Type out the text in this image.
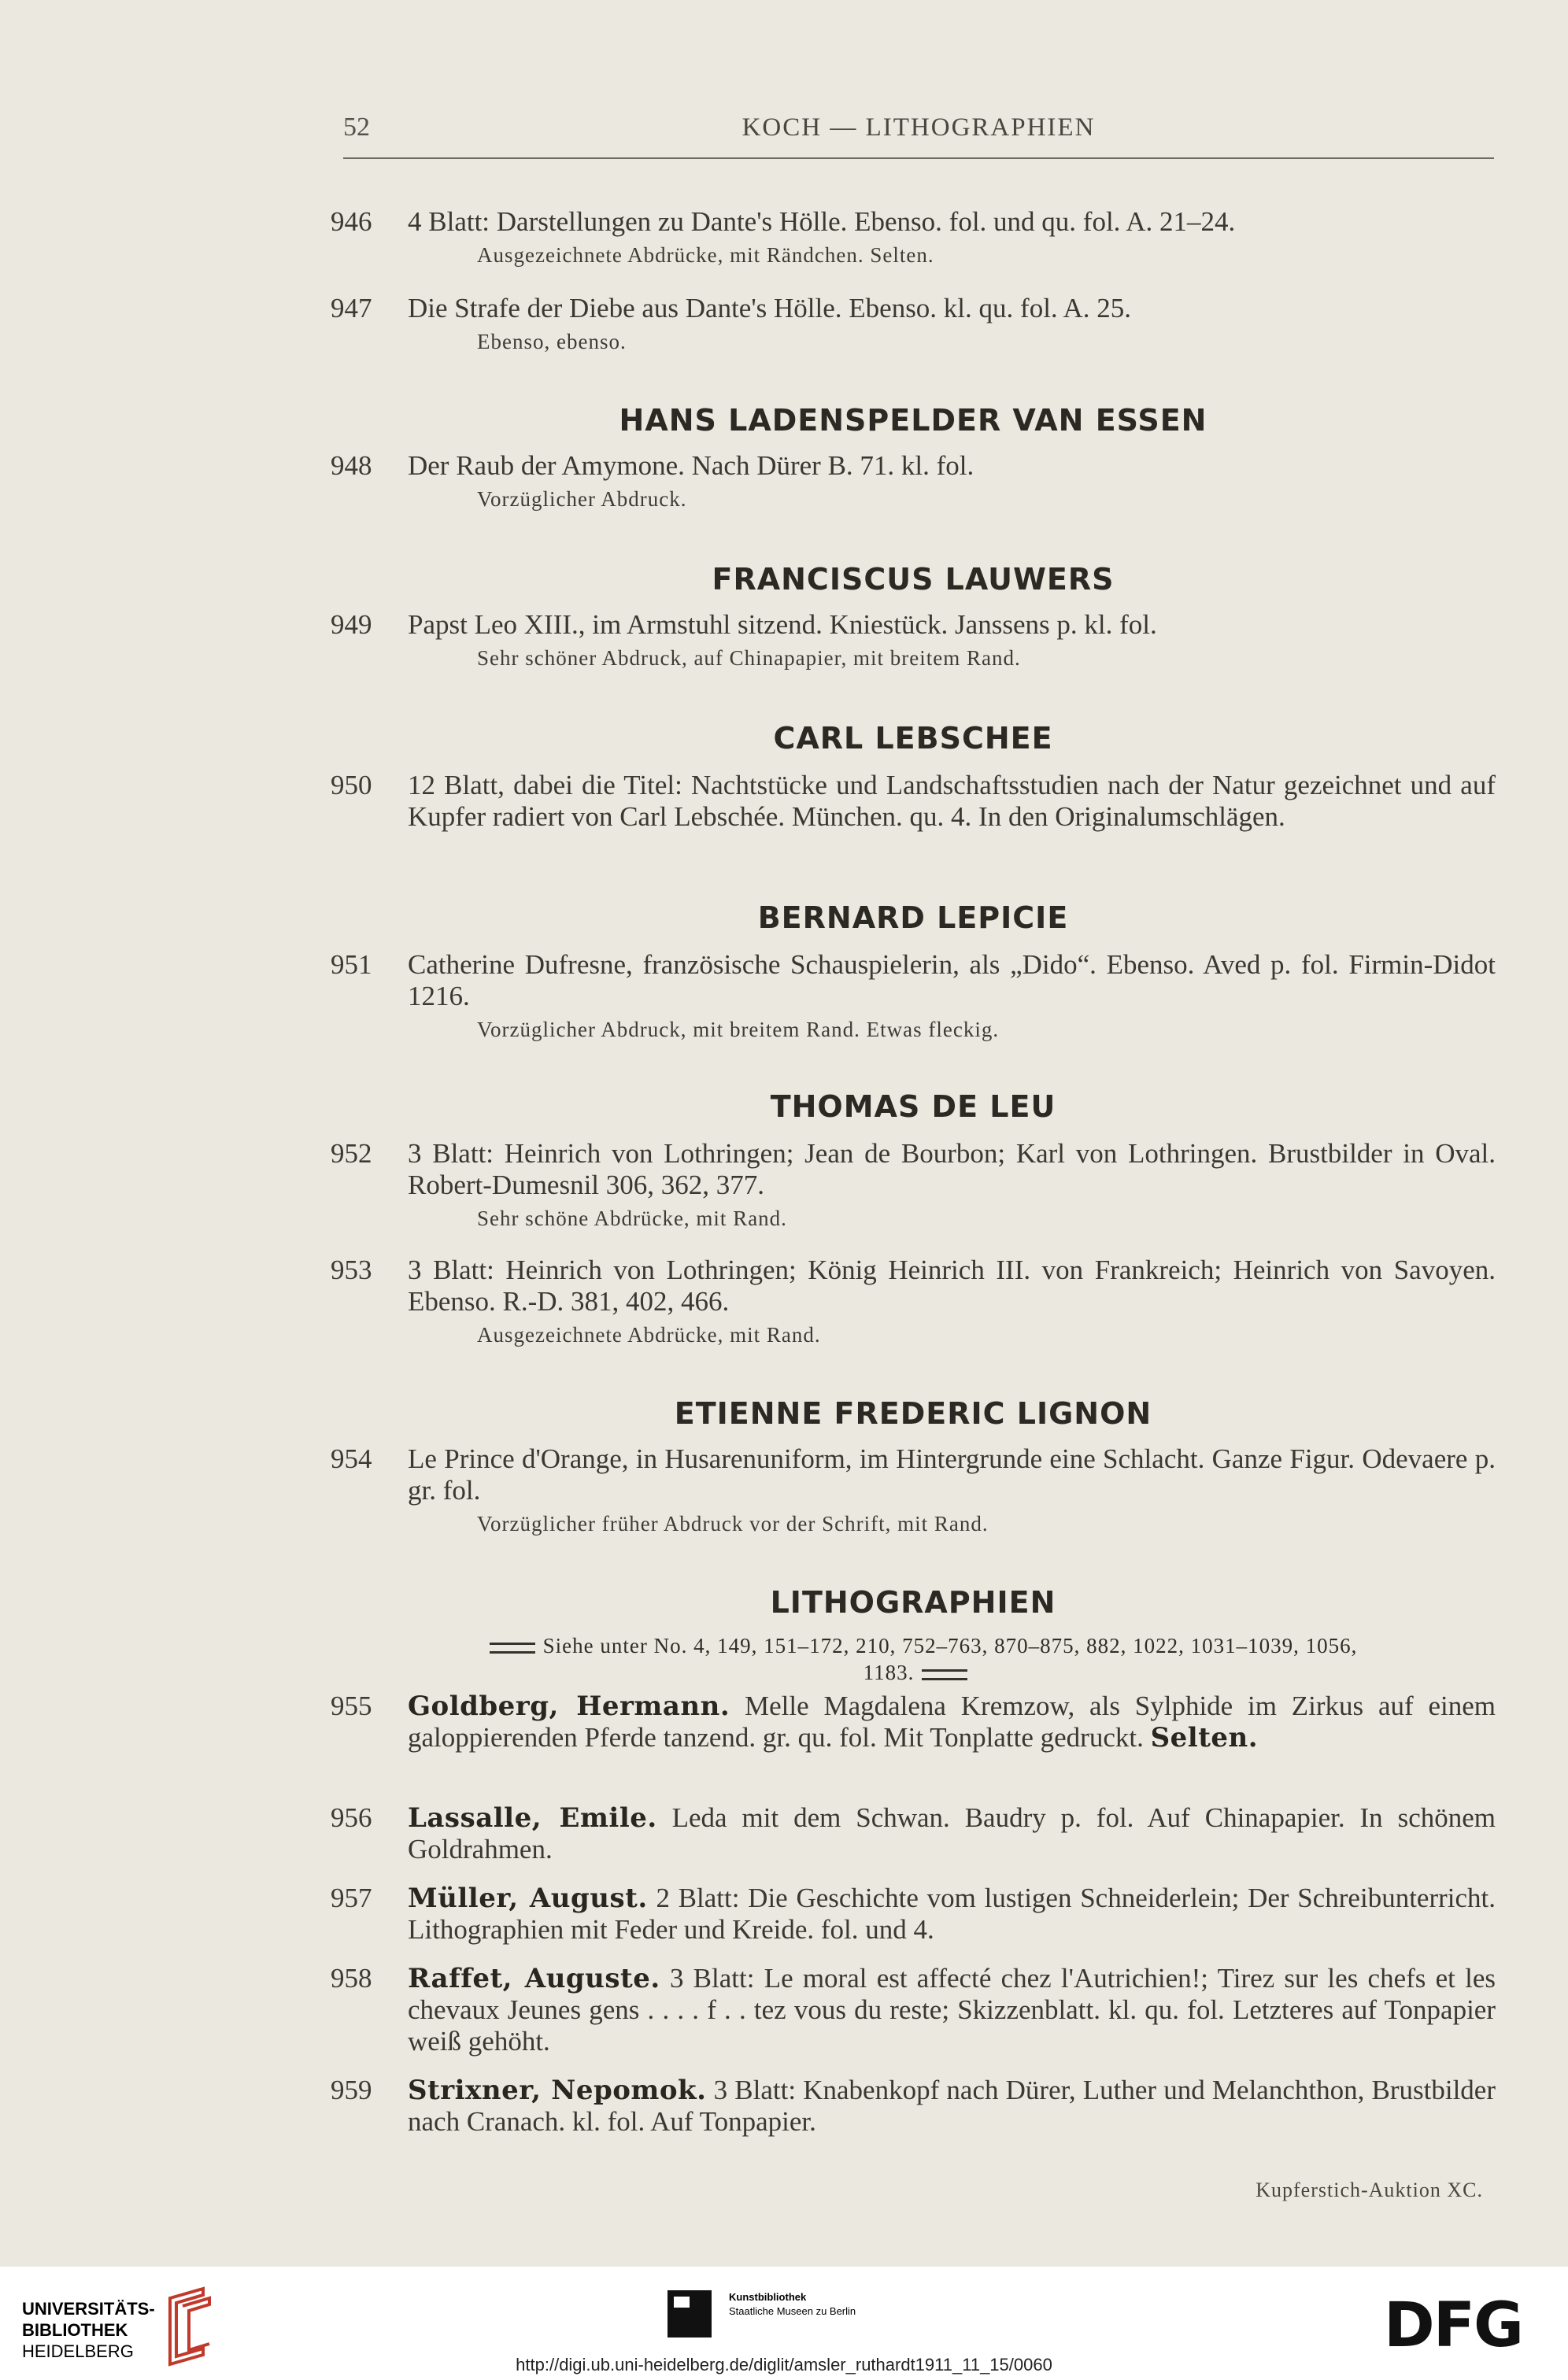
52	KOCH — LITHOGRAPHIEN
946	4 Blatt: Darstellungen zu Dante's Hölle. Ebenso. fol. und qu. fol. A. 21–24.
Ausgezeichnete Abdrücke, mit Rändchen. Selten.
947	Die Strafe der Diebe aus Dante's Hölle. Ebenso. kl. qu. fol. A. 25.
Ebenso, ebenso.
HANS LADENSPELDER VAN ESSEN
948	Der Raub der Amymone. Nach Dürer B. 71. kl. fol.
Vorzüglicher Abdruck.
FRANCISCUS LAUWERS
949	Papst Leo XIII., im Armstuhl sitzend. Kniestück. Janssens p. kl. fol.
Sehr schöner Abdruck, auf Chinapapier, mit breitem Rand.
CARL LEBSCHEE
950	12 Blatt, dabei die Titel: Nachtstücke und Landschaftsstudien nach der Natur gezeichnet und auf Kupfer radiert von Carl Lebschée. München. qu. 4. In den Originalumschlägen.
BERNARD LEPICIE
951	Catherine Dufresne, französische Schauspielerin, als „Dido“. Ebenso. Aved p. fol. Firmin-Didot 1216.
Vorzüglicher Abdruck, mit breitem Rand. Etwas fleckig.
THOMAS DE LEU
952	3 Blatt: Heinrich von Lothringen; Jean de Bourbon; Karl von Lothringen. Brustbilder in Oval. Robert-Dumesnil 306, 362, 377.
Sehr schöne Abdrücke, mit Rand.
953	3 Blatt: Heinrich von Lothringen; König Heinrich III. von Frankreich; Heinrich von Savoyen. Ebenso. R.-D. 381, 402, 466.
Ausgezeichnete Abdrücke, mit Rand.
ETIENNE FREDERIC LIGNON
954	Le Prince d'Orange, in Husarenuniform, im Hintergrunde eine Schlacht. Ganze Figur. Odevaere p. gr. fol.
Vorzüglicher früher Abdruck vor der Schrift, mit Rand.
LITHOGRAPHIEN
Siehe unter No. 4, 149, 151–172, 210, 752–763, 870–875, 882, 1022, 1031–1039, 1056,
1183.
955	Goldberg, Hermann. Melle Magdalena Kremzow, als Sylphide im Zirkus auf einem galoppierenden Pferde tanzend. gr. qu. fol. Mit Tonplatte gedruckt. Selten.
956	Lassalle, Emile. Leda mit dem Schwan. Baudry p. fol. Auf Chinapapier. In schönem Goldrahmen.
957	Müller, August. 2 Blatt: Die Geschichte vom lustigen Schneiderlein; Der Schreibunterricht. Lithographien mit Feder und Kreide. fol. und 4.
958	Raffet, Auguste. 3 Blatt: Le moral est affecté chez l'Autrichien!; Tirez sur les chefs et les chevaux Jeunes gens . . . . f . . tez vous du reste; Skizzenblatt. kl. qu. fol. Letzteres auf Tonpapier weiß gehöht.
959	Strixner, Nepomok. 3 Blatt: Knabenkopf nach Dürer, Luther und Melanchthon, Brustbilder nach Cranach. kl. fol. Auf Tonpapier.
Kupferstich-Auktion XC.
UNIVERSITÄTS-
BIBLIOTHEK

HEIDELBERG
Kunstbibliothek
Staatliche Museen zu Berlin	DFG
http://digi.ub.uni-heidelberg.de/diglit/amsler_ruthardt1911_11_15/0060
